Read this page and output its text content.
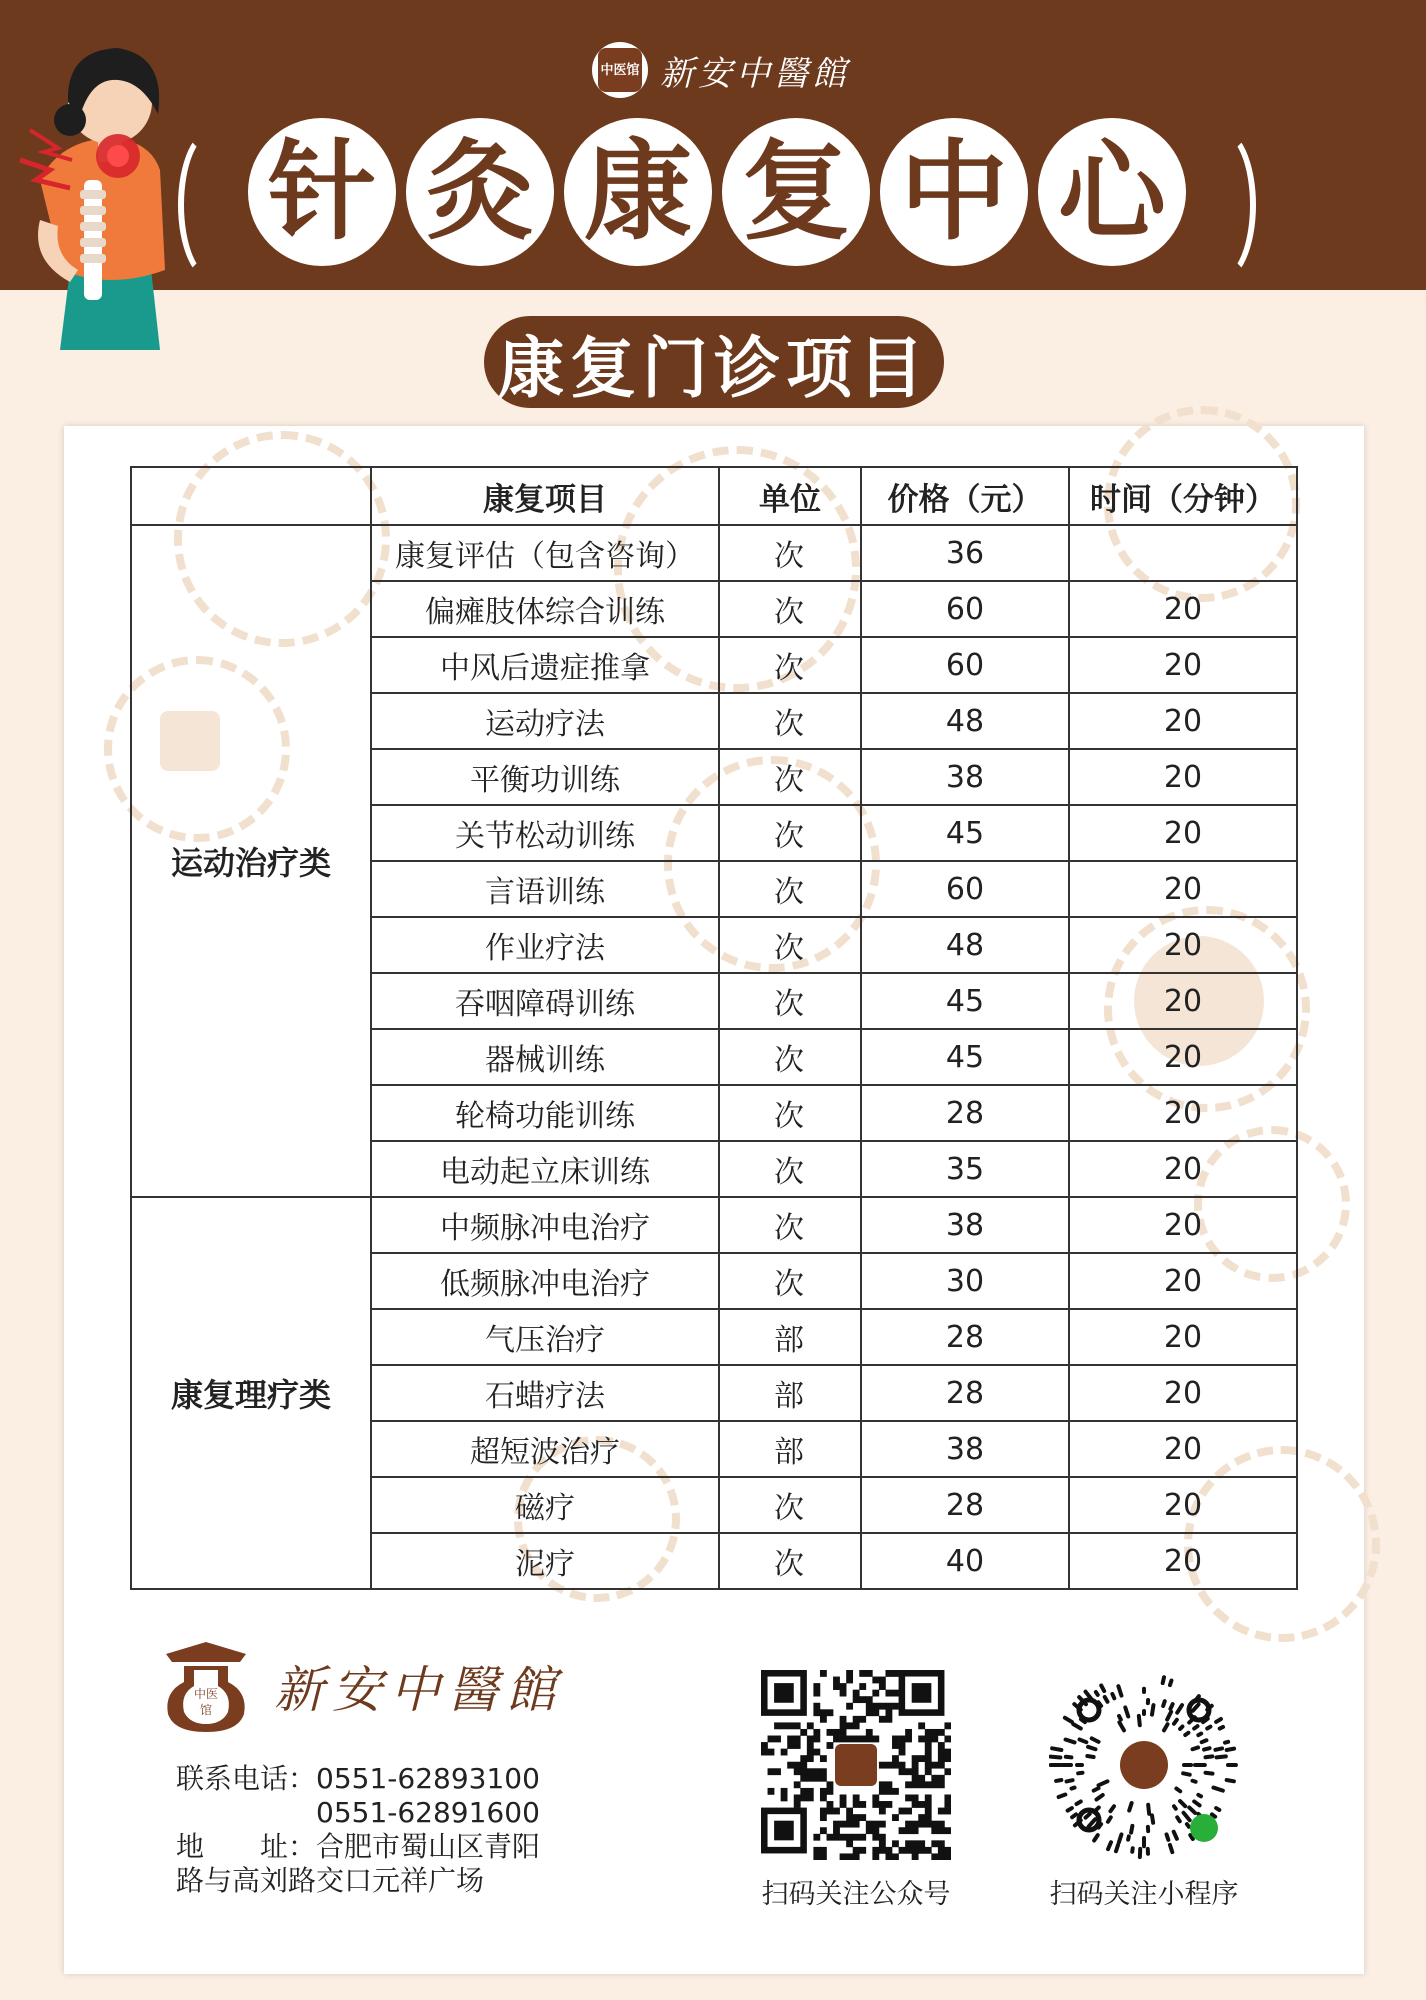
中医馆 新安中醫館
针 灸 康 复 中 心
康复门诊项目
	康复项目	单位	价格（元）	时间（分钟）
运动治疗类	康复评估（包含咨询）	次	36	
	偏瘫肢体综合训练	次	60	20
	中风后遗症推拿	次	60	20
	运动疗法	次	48	20
	平衡功训练	次	38	20
	关节松动训练	次	45	20
	言语训练	次	60	20
	作业疗法	次	48	20
	吞咽障碍训练	次	45	20
	器械训练	次	45	20
	轮椅功能训练	次	28	20
	电动起立床训练	次	35	20
康复理疗类	中频脉冲电治疗	次	38	20
	低频脉冲电治疗	次	30	20
	气压治疗	部	28	20
	石蜡疗法	部	28	20
	超短波治疗	部	38	20
	磁疗	次	28	20
	泥疗	次	40	20
中医
馆 新安中醫館
联系电话：0551-62893100
0551-62891600
地　　址：合肥市蜀山区青阳
路与高刘路交口元祥广场	扫码关注公众号	扫码关注小程序
